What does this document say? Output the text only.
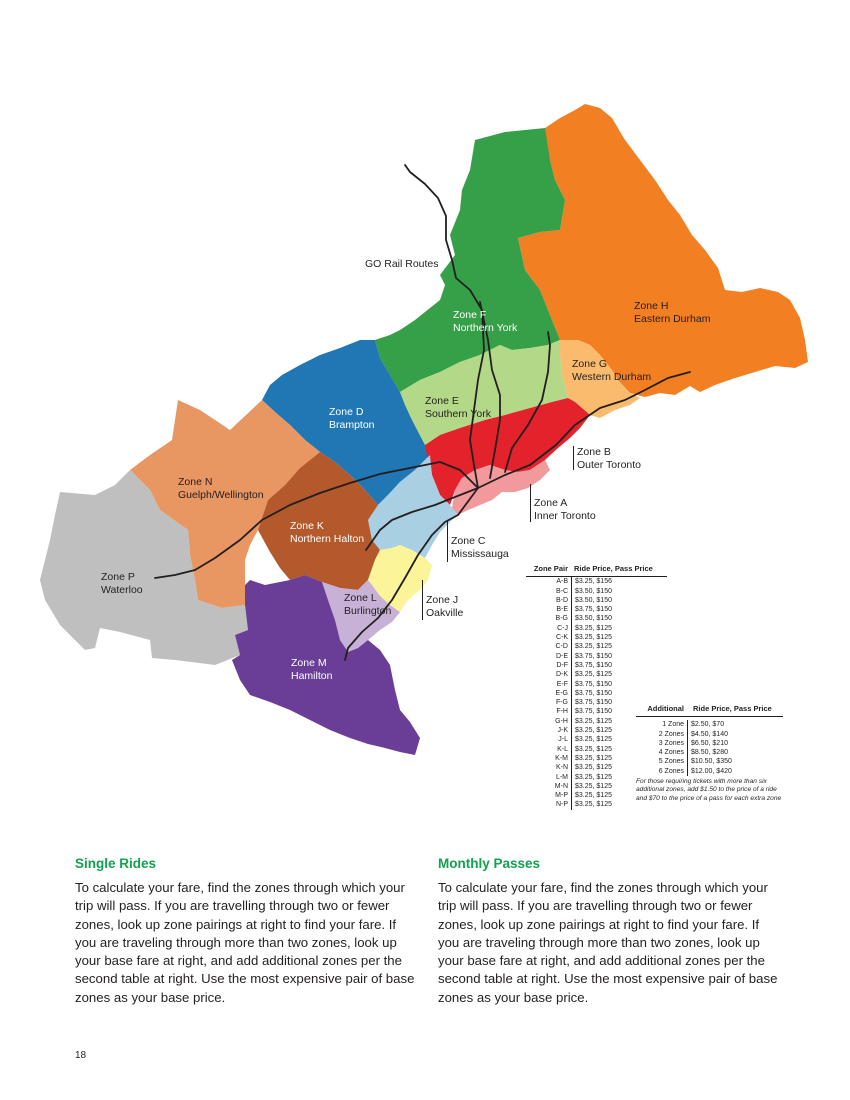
GO Rail Routes
Zone F
Northern York
Zone H
Eastern Durham
Zone G
Western Durham
Zone E
Southern York
Zone D
Brampton
Zone B
Outer Toronto
Zone N
Guelph/Wellington
Zone A
Inner Toronto
Zone K
Northern Halton	Zone C
Mississauga
Zone P
Waterloo
Zone L
Burlington
Zone J
Oakville
Zone M
Hamilton
Zone Pair Ride Price, Pass Price
A-B	$3.25, $156
B-C	$3.50, $150
B-D	$3.50, $150
B-E	$3.75, $150
B-G	$3.50, $150
C-J	$3.25, $125
C-K	$3.25, $125
C-D	$3.25, $125
D-E	$3.75, $150
D-F	$3.75, $150
D-K	$3.25, $125
E-F	$3.75, $150
E-G	$3.75, $150
F-G	$3.75, $150
F-H	$3.75, $150
G-H	$3.25, $125
J-K	$3.25, $125
J-L	$3.25, $125
K-L	$3.25, $125
K-M	$3.25, $125
K-N	$3.25, $125
L-M	$3.25, $125
M-N	$3.25, $125
M-P	$3.25, $125
N-P	$3.25, $125
Additional	Ride Price, Pass Price
1 Zone	$2.50, $70
2 Zones	$4.50, $140
3 Zones	$6.50, $210
4 Zones	$8.50, $280
5 Zones	$10.50, $350
6 Zones	$12.00, $420
For those requiring tickets with more than six additional zones, add $1.50 to the price of a ride and $70 to the price of a pass for each extra zone
Single Rides

To calculate your fare, find the zones through which your trip will pass. If you are travelling through two or fewer zones, look up zone pairings at right to find your fare. If you are traveling through more than two zones, look up your base fare at right, and add additional zones per the second table at right. Use the most expensive pair of base zones as your base price.

Monthly Passes

To calculate your fare, find the zones through which your trip will pass. If you are travelling through two or fewer zones, look up zone pairings at right to find your fare. If you are traveling through more than two zones, look up your base fare at right, and add additional zones per the second table at right. Use the most expensive pair of base zones as your base price.

18
